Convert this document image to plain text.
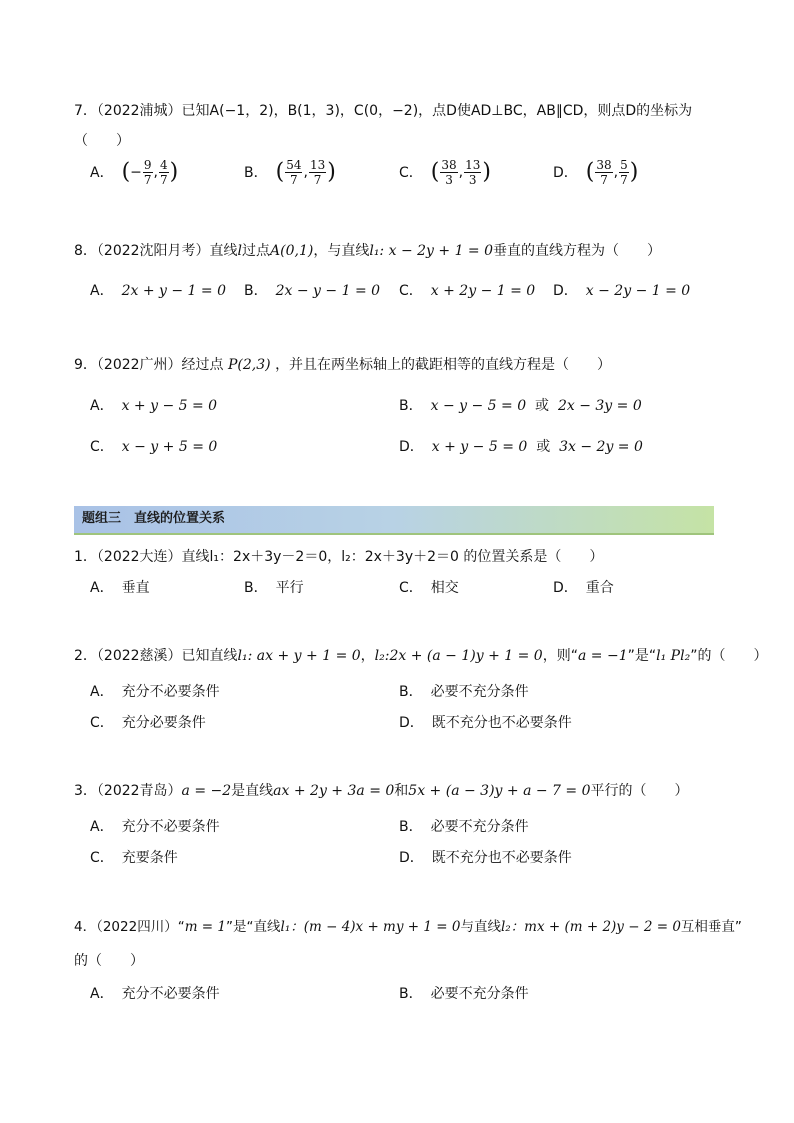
7．（2022浦城）已知A(−1，2)，B(1，3)，C(0，−2)，点D使AD⊥BC，AB∥CD，则点D的坐标为
（　　）
A． (− $\frac{9}{7}$ , $\frac{4}{7}$ )	B． ( $\frac{54}{7}$ , $\frac{13}{7}$ )	C． ( $\frac{38}{3}$ , $\frac{13}{3}$ )	D． ( $\frac{38}{7}$ , $\frac{5}{7}$ )
8．（2022沈阳月考）直线l过点A(0,1)，与直线l₁: x − 2y + 1 = 0垂直的直线方程为（　　）
A． 2x + y − 1 = 0 B． 2x − y − 1 = 0 C． x + 2y − 1 = 0 D． x − 2y − 1 = 0
9．（2022广州）经过点 P(2,3) ，并且在两坐标轴上的截距相等的直线方程是（　　）
A． x + y − 5 = 0	B． x − y − 5 = 0 或 2x − 3y = 0
C． x − y + 5 = 0	D． x + y − 5 = 0 或 3x − 2y = 0
题组三　直线的位置关系
1．（2022大连）直线l₁：2x＋3y－2＝0，l₂：2x＋3y＋2＝0 的位置关系是（　　）
A． 垂直	B． 平行	C． 相交	D． 重合
2．（2022慈溪）已知直线l₁: ax + y + 1 = 0，l₂:2x + (a − 1)y + 1 = 0，则“a = −1”是“l₁ Pl₂”的（　　）
A． 充分不必要条件	B． 必要不充分条件
C． 充分必要条件	D． 既不充分也不必要条件
3．（2022青岛）a = −2是直线ax + 2y + 3a = 0和5x + (a − 3)y + a − 7 = 0平行的（　　）
A． 充分不必要条件	B． 必要不充分条件
C． 充要条件	D． 既不充分也不必要条件
4．（2022四川）“m = 1”是“直线l₁：(m − 4)x + my + 1 = 0与直线l₂：mx + (m + 2)y − 2 = 0互相垂直”
的（　　）
A． 充分不必要条件	B． 必要不充分条件
